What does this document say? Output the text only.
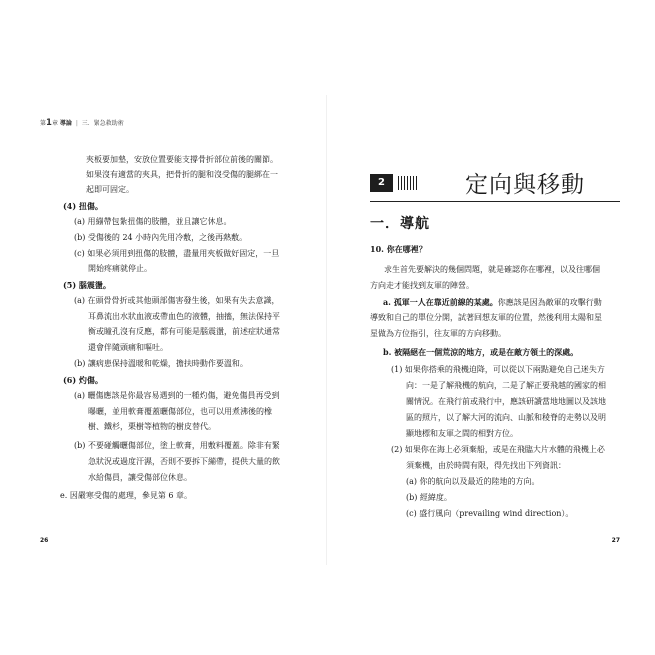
第1章 導論 | 三．緊急救助術
夾板要加墊，安放位置要能支撐骨折部位前後的關節。
如果沒有適當的夾具，把骨折的腿和沒受傷的腿綁在一
起即可固定。
(4) 扭傷。
(a) 用繃帶包紮扭傷的肢體，並且讓它休息。
(b) 受傷後的 24 小時內先用冷敷，之後再熱敷。
(c) 如果必須用到扭傷的肢體，盡量用夾板做好固定，一旦
開始疼痛就停止。
(5) 腦震盪。
(a) 在頭骨骨折或其他頭部傷害發生後，如果有失去意識，
耳鼻流出水狀血液或帶血色的液體，抽搐，無法保持平
衡或瞳孔沒有反應，都有可能是腦震盪，前述症狀通常
還會伴隨頭痛和嘔吐。
(b) 讓病患保持溫暖和乾燥，擔扶時動作要溫和。
(6) 灼傷。
(a) 曬傷應該是你最容易遇到的一種灼傷，避免傷員再受到
曝曬，並用軟膏覆蓋曬傷部位，也可以用煮沸後的橡
樹、鐵杉，栗樹等植物的樹皮替代。
(b) 不要碰觸曬傷部位，塗上軟膏，用敷料覆蓋。除非有緊
急狀況或過度汗濕，否則不要拆下繃帶，提供大量的飲
水給傷員，讓受傷部位休息。
e. 因嚴寒受傷的處理，參見第 6 章。
26
2	定向與移動
一．導航
10. 你在哪裡？
求生首先要解決的幾個問題，就是確認你在哪裡，以及往哪個
方向走才能找到友軍的陣營。
a. 孤軍一人在靠近前線的某處。你應該是因為敵軍的攻擊行動
導致和自己的單位分開，試著回想友軍的位置，然後利用太陽和星
星做為方位指引，往友軍的方向移動。
b. 被隔絕在一個荒涼的地方，或是在敵方領土的深處。
(1) 如果你搭乘的飛機迫降，可以從以下兩點避免自己迷失方
向：一是了解飛機的航向，二是了解正要飛越的國家的相
關情況。在飛行前或飛行中，應該研讀當地地圖以及該地
區的照片，以了解大河的流向、山脈和稜脊的走勢以及明
顯地標和友軍之間的相對方位。
(2) 如果你在海上必須棄船，或是在飛臨大片水體的飛機上必
須棄機，由於時間有限，得先找出下列資訊：
(a) 你的航向以及最近的陸地的方向。
(b) 經緯度。
(c) 盛行風向（prevailing wind direction）。
27
